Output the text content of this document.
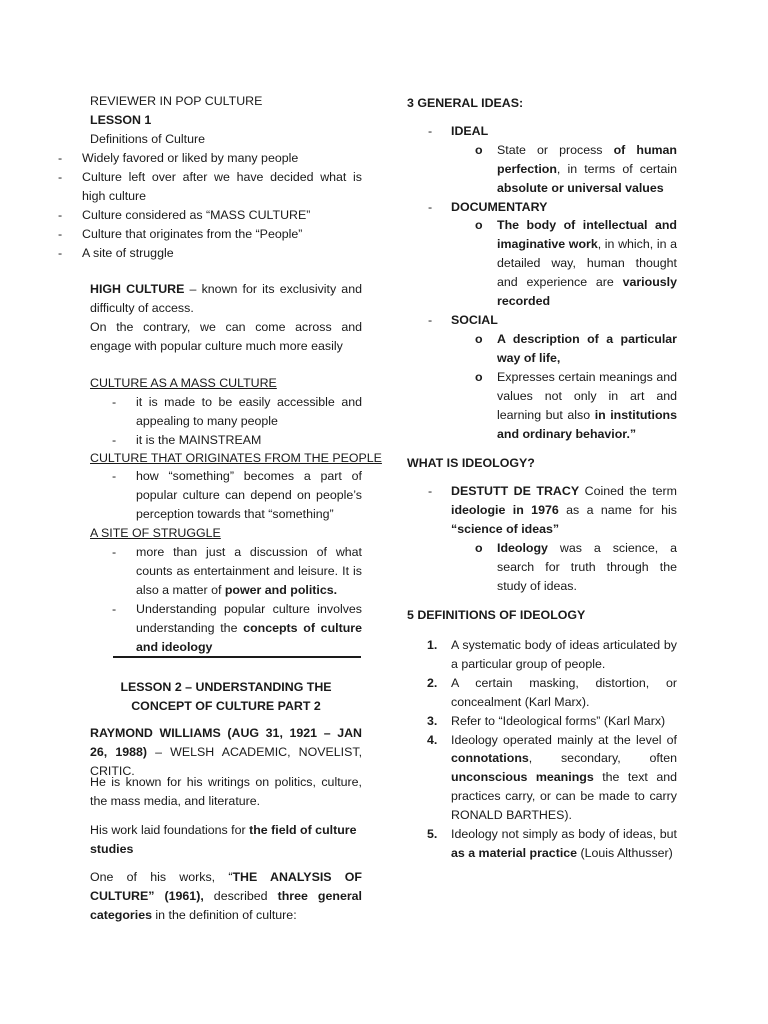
REVIEWER IN POP CULTURE
LESSON 1
Definitions of Culture
- Widely favored or liked by many people
- Culture left over after we have decided what is high culture
- Culture considered as “MASS CULTURE”
- Culture that originates from the “People”
- A site of struggle

HIGH CULTURE – known for its exclusivity and difficulty of access.

On the contrary, we can come across and engage with popular culture much more easily

CULTURE AS A MASS CULTURE
- it is made to be easily accessible and appealing to many people
- it is the MAINSTREAM
CULTURE THAT ORIGINATES FROM THE PEOPLE
- how “something” becomes a part of popular culture can depend on people’s perception towards that “something”
A SITE OF STRUGGLE
- more than just a discussion of what counts as entertainment and leisure. It is also a matter of power and politics.
- Understanding popular culture involves understanding the concepts of culture and ideology
LESSON 2 – UNDERSTANDING THE CONCEPT OF CULTURE PART 2

RAYMOND WILLIAMS (AUG 31, 1921 – JAN 26, 1988) – WELSH ACADEMIC, NOVELIST, CRITIC.

He is known for his writings on politics, culture, the mass media, and literature.

His work laid foundations for the field of culture studies

One of his works, “THE ANALYSIS OF CULTURE” (1961), described three general categories in the definition of culture:

3 GENERAL IDEAS:
- IDEAL
o State or process of human perfection, in terms of certain absolute or universal values
- DOCUMENTARY
o The body of intellectual and imaginative work, in which, in a detailed way, human thought and experience are variously recorded
- SOCIAL
o A description of a particular way of life,
o Expresses certain meanings and values not only in art and learning but also in institutions and ordinary behavior.”
WHAT IS IDEOLOGY?
- DESTUTT DE TRACY Coined the term ideologie in 1976 as a name for his “science of ideas”
o Ideology was a science, a search for truth through the study of ideas.
5 DEFINITIONS OF IDEOLOGY
1. A systematic body of ideas articulated by a particular group of people.
2. A certain masking, distortion, or concealment (Karl Marx).
3. Refer to “Ideological forms” (Karl Marx)
4. Ideology operated mainly at the level of connotations, secondary, often unconscious meanings the text and practices carry, or can be made to carry RONALD BARTHES).
5. Ideology not simply as body of ideas, but as a material practice (Louis Althusser)
